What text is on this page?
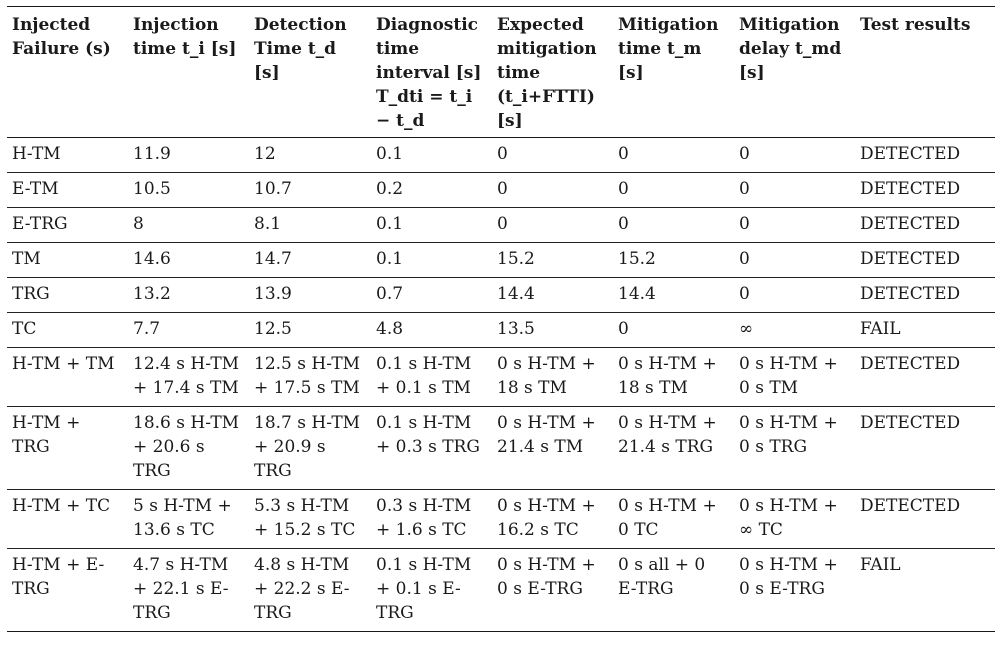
Injected Failure (s)	Injection time t_i [s]	Detection Time t_d [s]	Diagnostic time interval [s] T_dti = t_i − t_d	Expected mitigation time (t_i+FTTI) [s]	Mitigation time t_m [s]	Mitigation delay t_md [s]	Test results
H-TM	11.9	12	0.1	0	0	0	DETECTED
E-TM	10.5	10.7	0.2	0	0	0	DETECTED
E-TRG	8	8.1	0.1	0	0	0	DETECTED
TM	14.6	14.7	0.1	15.2	15.2	0	DETECTED
TRG	13.2	13.9	0.7	14.4	14.4	0	DETECTED
TC	7.7	12.5	4.8	13.5	0	∞	FAIL
H-TM + TM	12.4 s H-TM + 17.4 s TM	12.5 s H-TM + 17.5 s TM	0.1 s H-TM + 0.1 s TM	0 s H-TM + 18 s TM	0 s H-TM + 18 s TM	0 s H-TM + 0 s TM	DETECTED
H-TM + TRG	18.6 s H-TM + 20.6 s TRG	18.7 s H-TM + 20.9 s TRG	0.1 s H-TM + 0.3 s TRG	0 s H-TM + 21.4 s TM	0 s H-TM + 21.4 s TRG	0 s H-TM + 0 s TRG	DETECTED
H-TM + TC	5 s H-TM + 13.6 s TC	5.3 s H-TM + 15.2 s TC	0.3 s H-TM + 1.6 s TC	0 s H-TM + 16.2 s TC	0 s H-TM + 0 TC	0 s H-TM + ∞ TC	DETECTED
H-TM + E-TRG	4.7 s H-TM + 22.1 s E-TRG	4.8 s H-TM + 22.2 s E-TRG	0.1 s H-TM + 0.1 s E-TRG	0 s H-TM + 0 s E-TRG	0 s all + 0 E-TRG	0 s H-TM + 0 s E-TRG	FAIL
